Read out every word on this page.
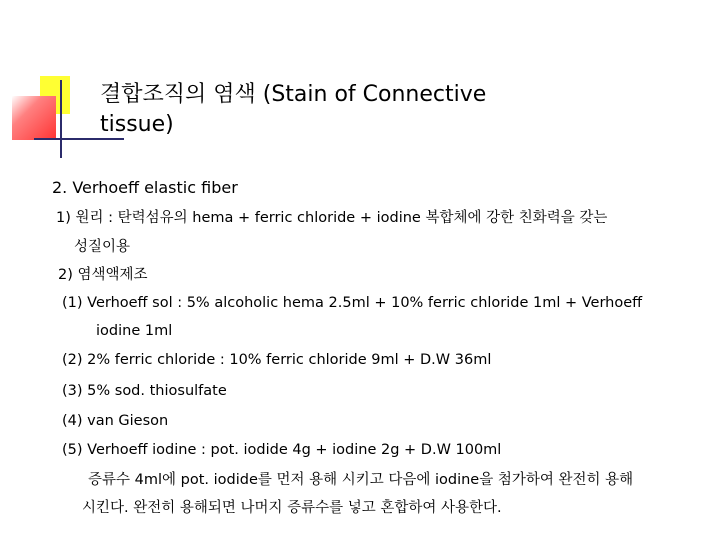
결합조직의 염색 (Stain of Connective
tissue)
2. Verhoeff elastic fiber
1) 원리 : 탄력섬유의 hema + ferric chloride + iodine 복합체에 강한 친화력을 갖는
성질이용
2) 염색액제조
(1) Verhoeff sol : 5% alcoholic hema 2.5ml + 10% ferric chloride 1ml + Verhoeff
iodine 1ml
(2) 2% ferric chloride : 10% ferric chloride 9ml + D.W 36ml
(3) 5% sod. thiosulfate
(4) van Gieson
(5) Verhoeff iodine : pot. iodide 4g + iodine 2g + D.W 100ml
증류수 4ml에 pot. iodide를 먼저 용해 시키고 다음에 iodine을 첨가하여 완전히 용해
시킨다. 완전히 용해되면 나머지 증류수를 넣고 혼합하여 사용한다.
